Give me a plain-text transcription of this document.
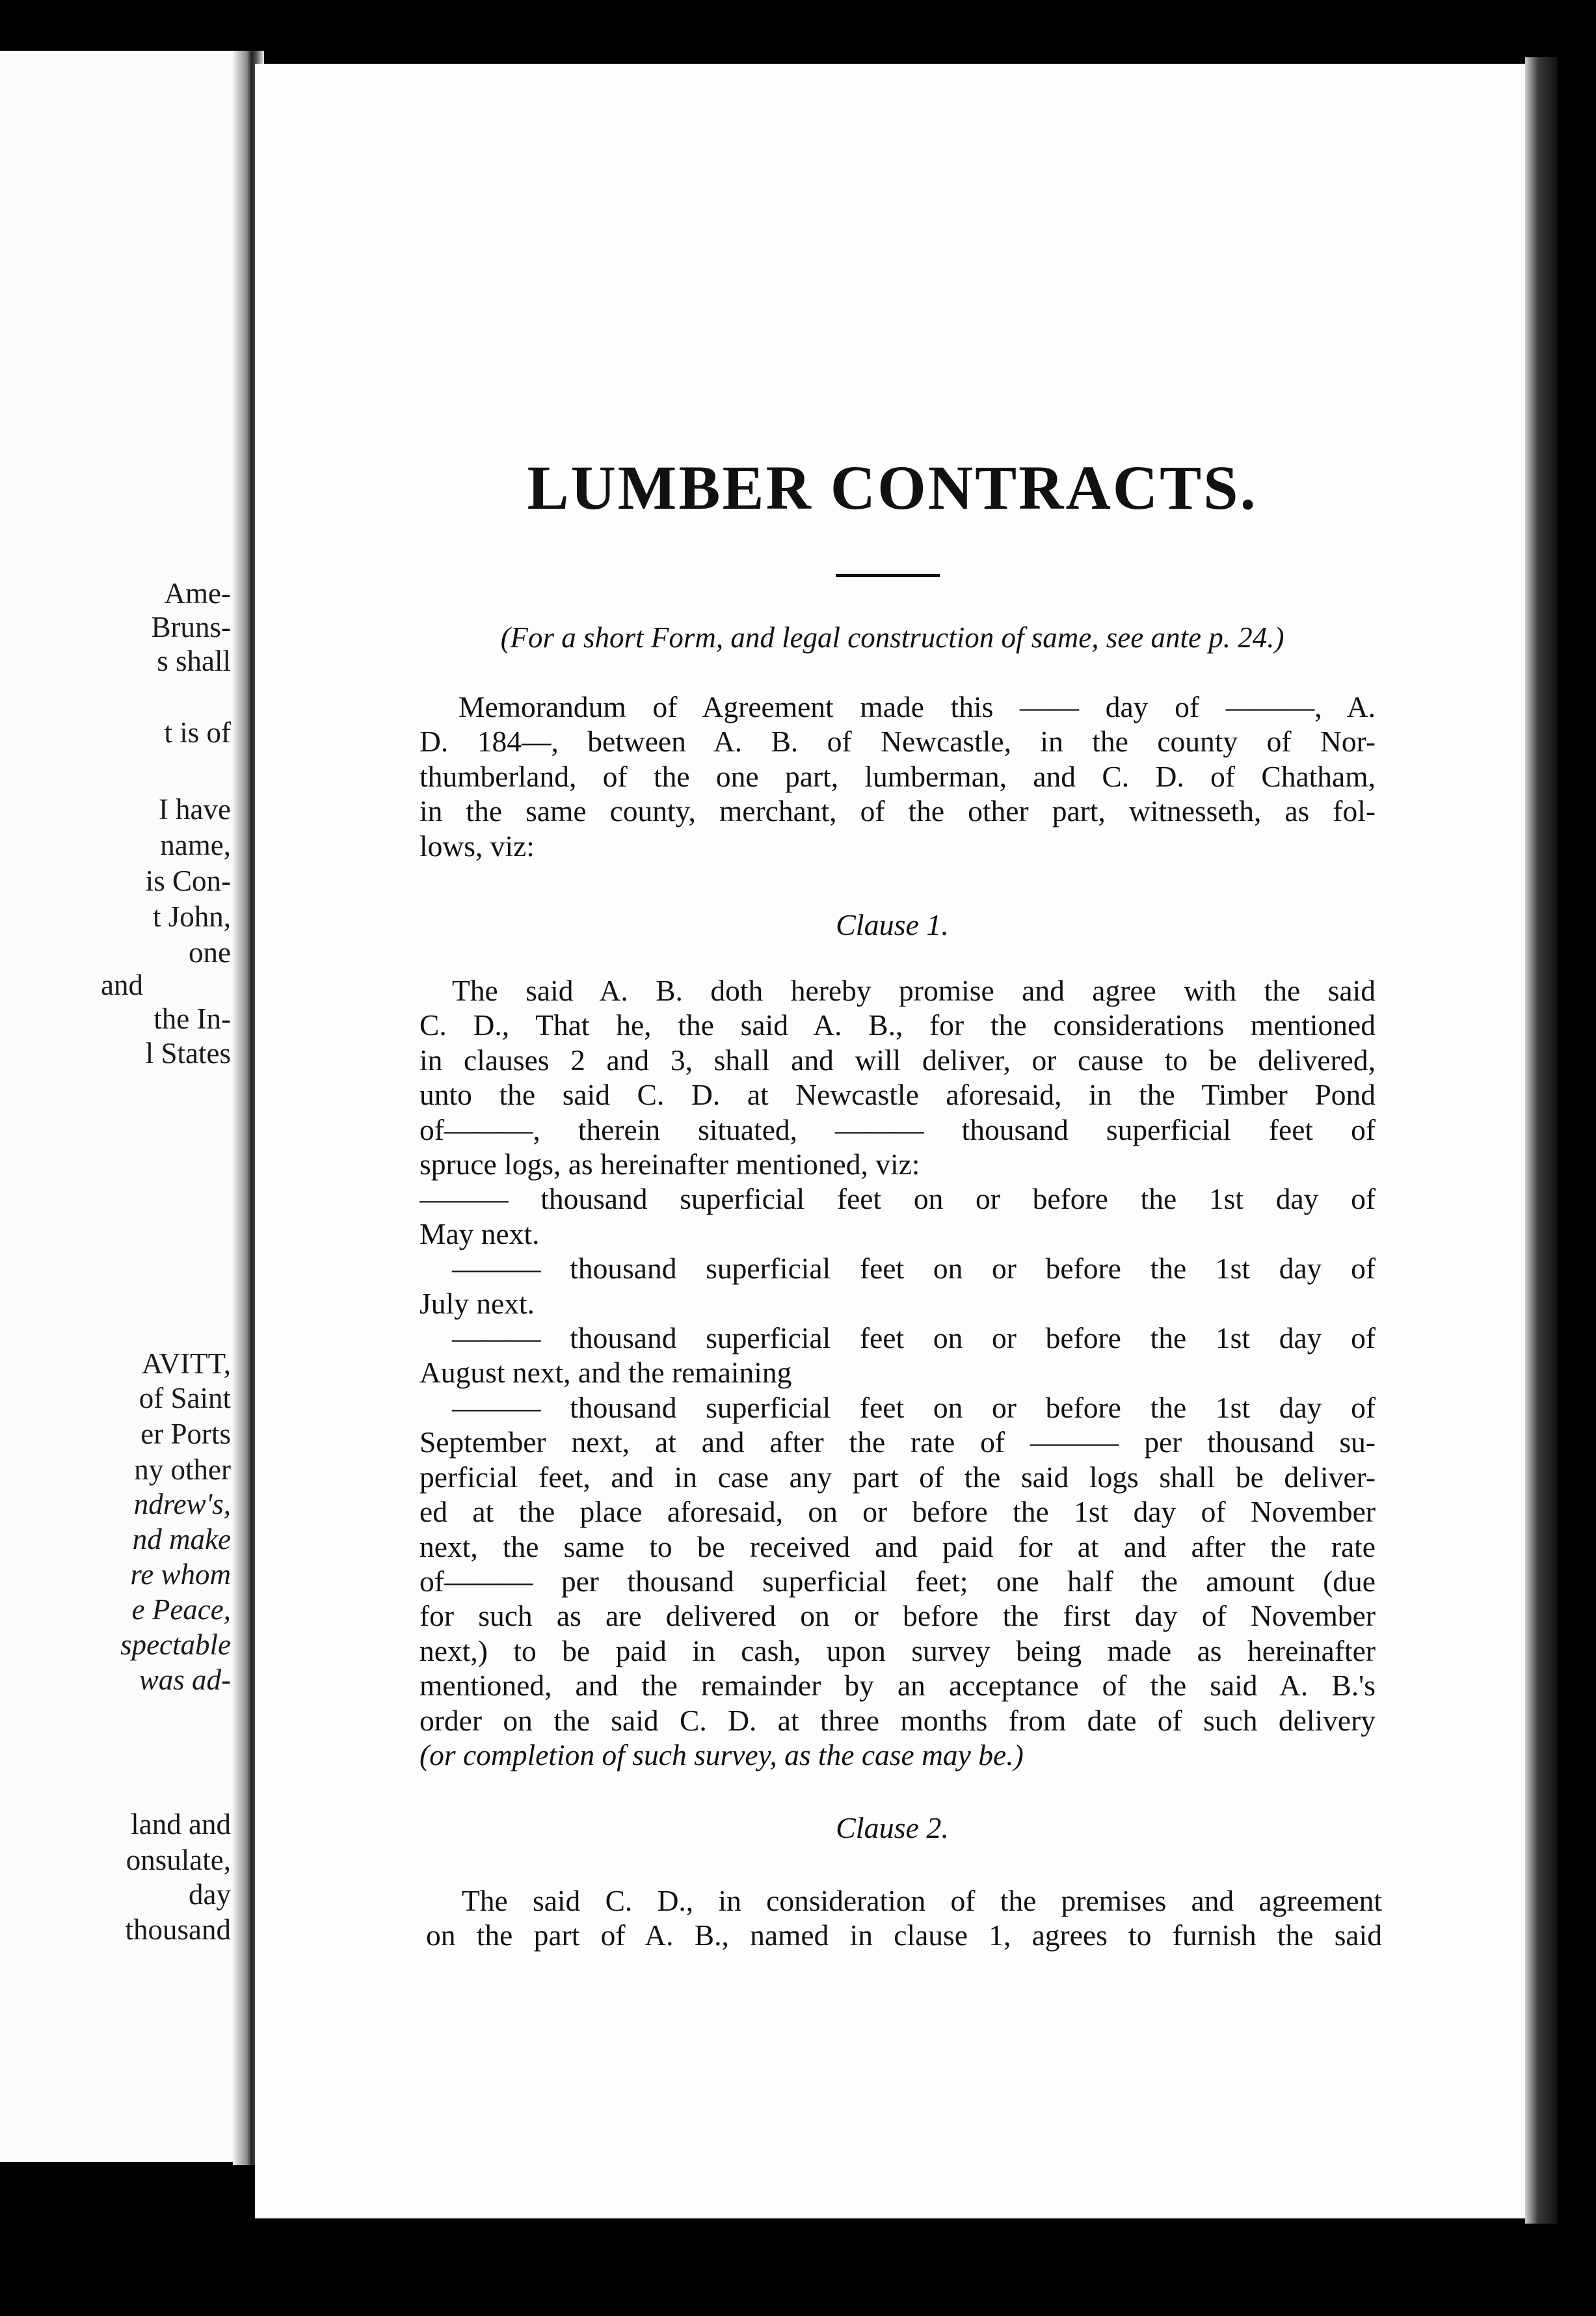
Ame-
Bruns-
s shall
t is of
I have
name,
is Con-
t John,
one
and
the In-
l States
AVITT,
of Saint
er Ports
ny other
ndrew's,
nd make
re whom
e Peace,
spectable
was ad-
land and
onsulate,
day
thousand
LUMBER CONTRACTS.
(For a short Form, and legal construction of same, see ante p. 24.)
Memorandum of Agreement made this —— day of ———, A.
D. 184—, between A. B. of Newcastle, in the county of Nor-
thumberland, of the one part, lumberman, and C. D. of Chatham,
in the same county, merchant, of the other part, witnesseth, as fol-
lows, viz:
Clause 1.
The said A. B. doth hereby promise and agree with the said
C. D., That he, the said A. B., for the considerations mentioned
in clauses 2 and 3, shall and will deliver, or cause to be delivered,
unto the said C. D. at Newcastle aforesaid, in the Timber Pond
of———, therein situated, ——— thousand superficial feet of
spruce logs, as hereinafter mentioned, viz:
——— thousand superficial feet on or before the 1st day of
May next.
——— thousand superficial feet on or before the 1st day of
July next.
——— thousand superficial feet on or before the 1st day of
August next, and the remaining
——— thousand superficial feet on or before the 1st day of
September next, at and after the rate of ——— per thousand su-
perficial feet, and in case any part of the said logs shall be deliver-
ed at the place aforesaid, on or before the 1st day of November
next, the same to be received and paid for at and after the rate
of——— per thousand superficial feet; one half the amount (due
for such as are delivered on or before the first day of November
next,) to be paid in cash, upon survey being made as hereinafter
mentioned, and the remainder by an acceptance of the said A. B.'s
order on the said C. D. at three months from date of such delivery
(or completion of such survey, as the case may be.)
Clause 2.
The said C. D., in consideration of the premises and agreement
on the part of A. B., named in clause 1, agrees to furnish the said
